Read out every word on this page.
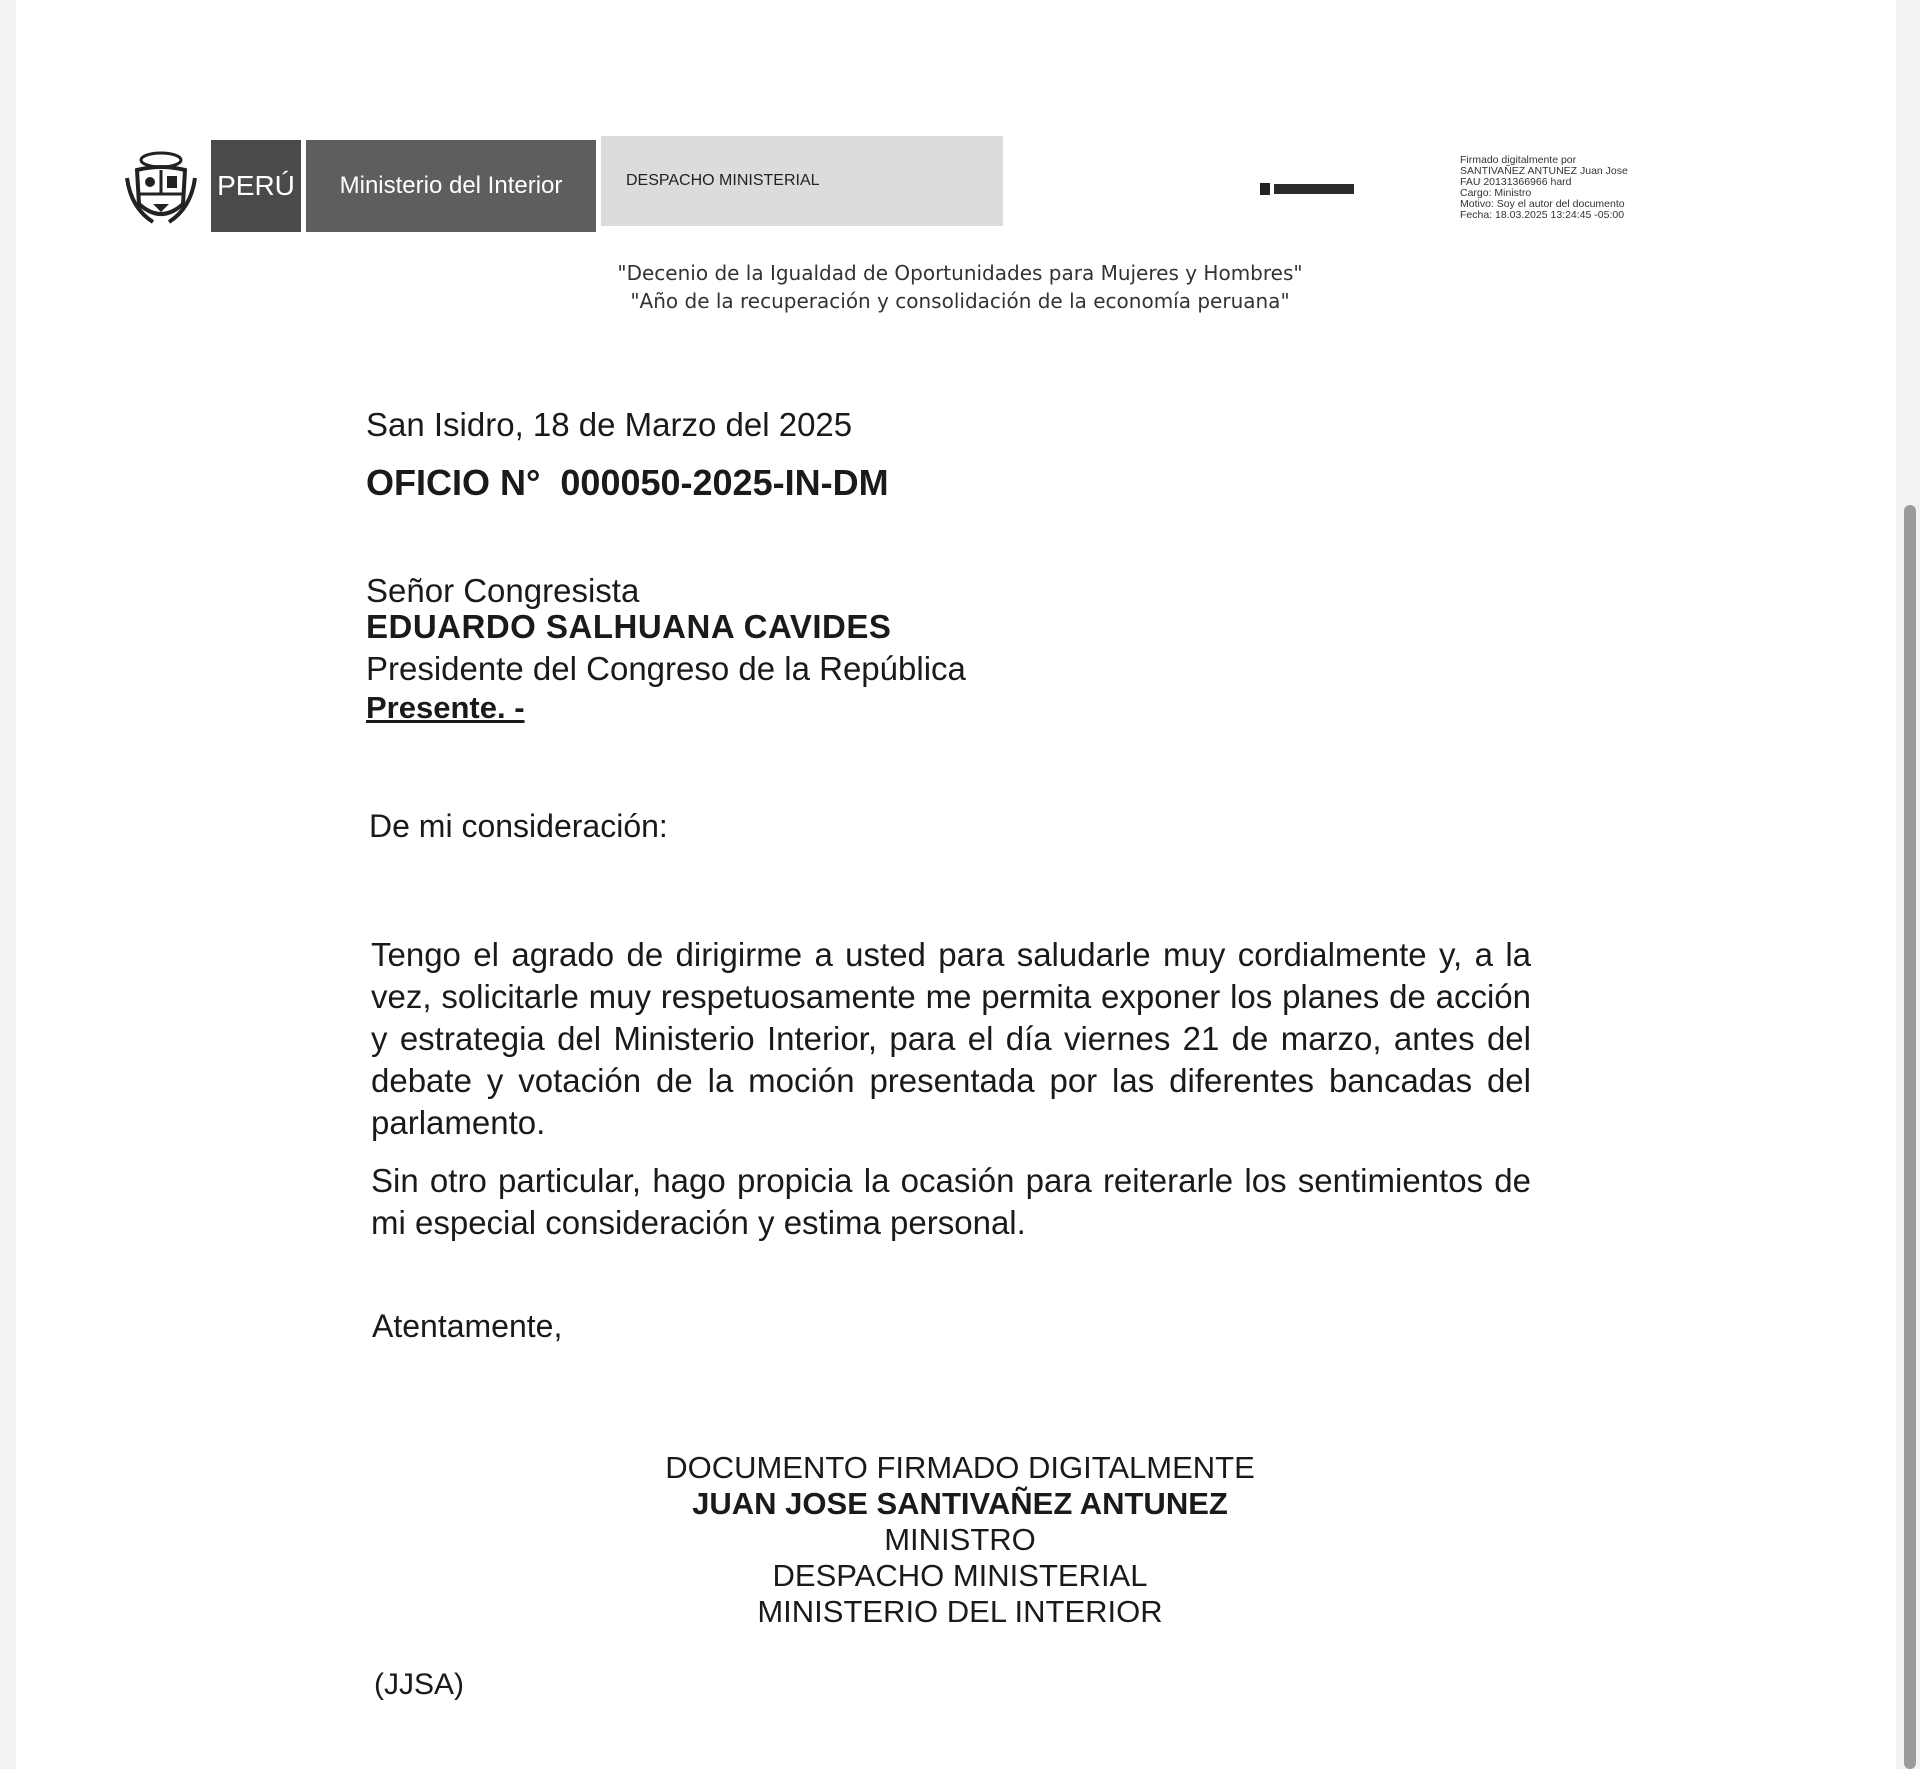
PERÚ	Ministerio del Interior	DESPACHO MINISTERIAL
Firmado digitalmente por
SANTIVAÑEZ ANTUNEZ Juan Jose
FAU 20131366966 hard
Cargo: Ministro
Motivo: Soy el autor del documento
Fecha: 18.03.2025 13:24:45 -05:00
"Decenio de la Igualdad de Oportunidades para Mujeres y Hombres"
"Año de la recuperación y consolidación de la economía peruana"
San Isidro, 18 de Marzo del 2025
OFICIO N°  000050-2025-IN-DM
Señor Congresista
EDUARDO SALHUANA CAVIDES
Presidente del Congreso de la República
Presente. -
De mi consideración:
Tengo el agrado de dirigirme a usted para saludarle muy cordialmente y, a la vez, solicitarle muy respetuosamente me permita exponer los planes de acción y estrategia del Ministerio Interior, para el día viernes 21 de marzo, antes del debate y votación de la moción presentada por las diferentes bancadas del parlamento.
Sin otro particular, hago propicia la ocasión para reiterarle los sentimientos de mi especial consideración y estima personal.
Atentamente,
DOCUMENTO FIRMADO DIGITALMENTE
JUAN JOSE SANTIVAÑEZ ANTUNEZ
MINISTRO
DESPACHO MINISTERIAL
MINISTERIO DEL INTERIOR
(JJSA)
